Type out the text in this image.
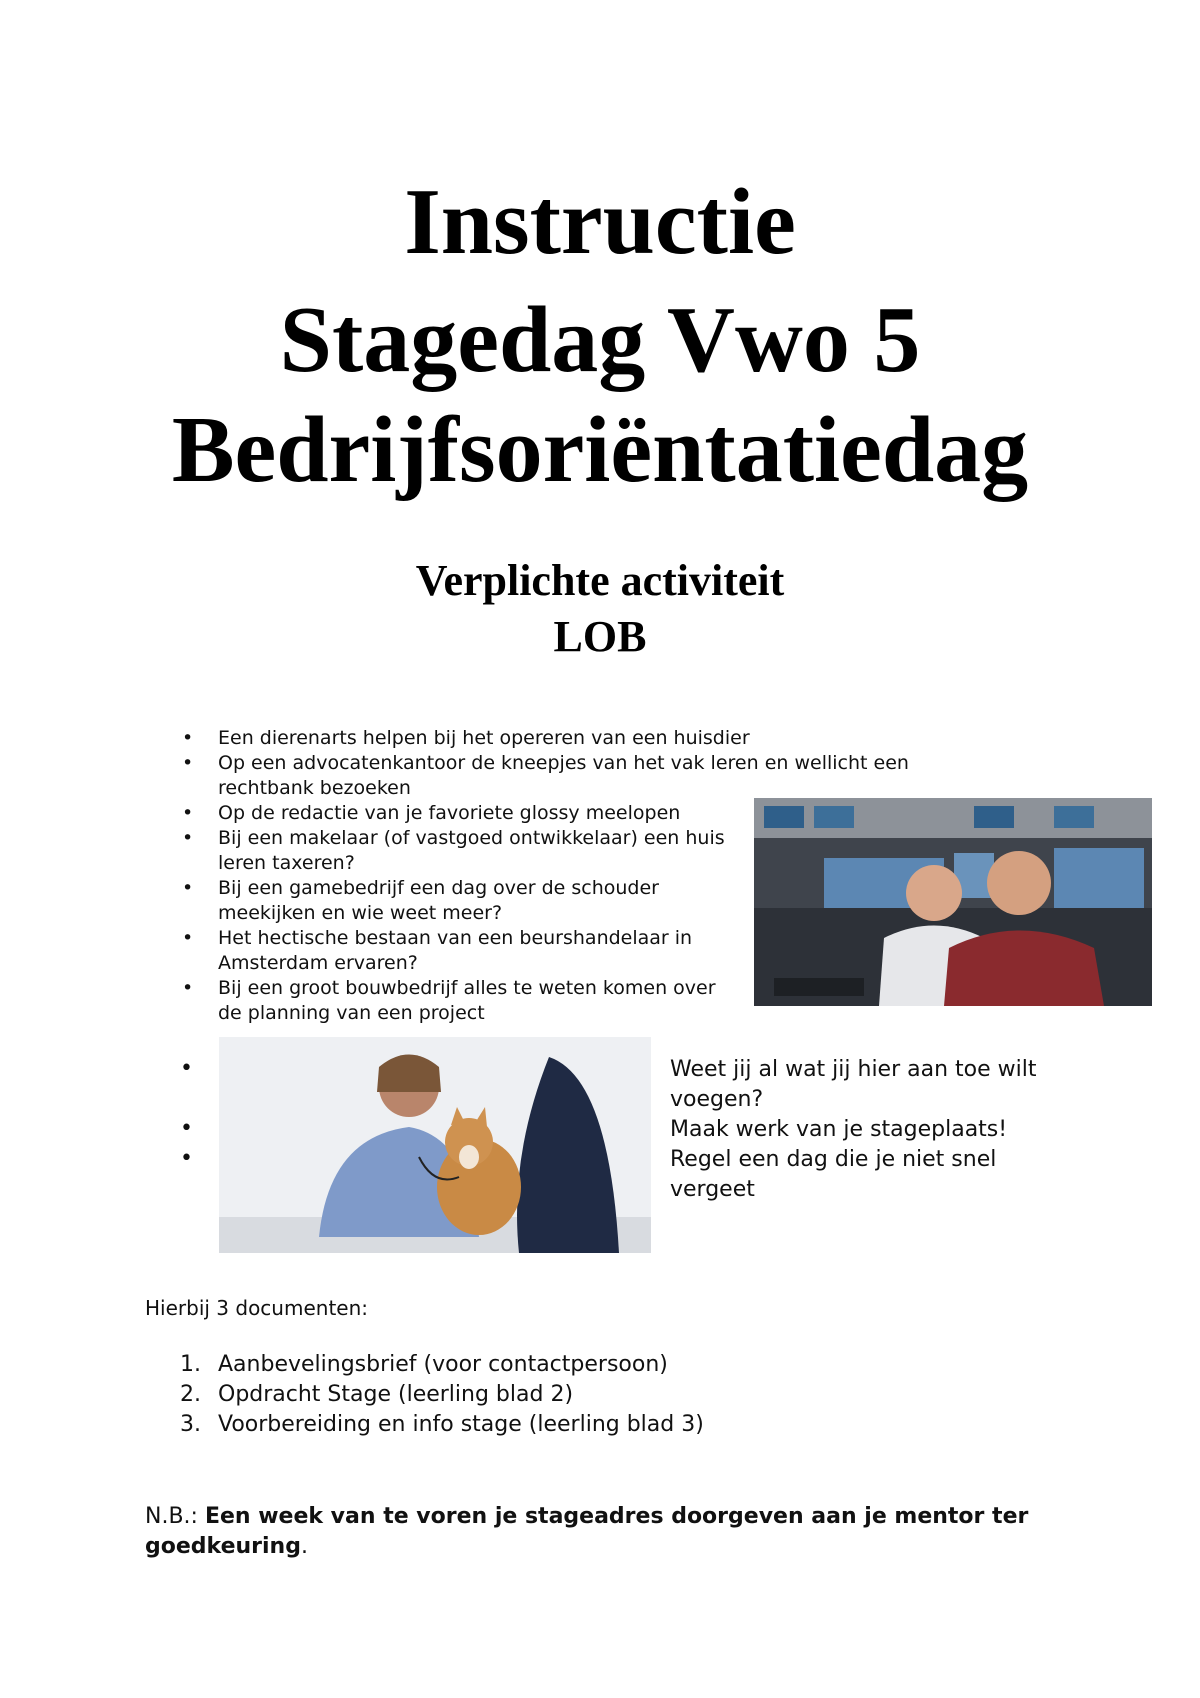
Instructie
Stagedag Vwo 5
Bedrijfsoriëntatiedag
Verplichte activiteit
LOB
• Een dierenarts helpen bij het opereren van een huisdier
• Op een advocatenkantoor de kneepjes van het vak leren en wellicht een rechtbank bezoeken
• Op de redactie van je favoriete glossy meelopen
• Bij een makelaar (of vastgoed ontwikkelaar) een huis leren taxeren?
• Bij een gamebedrijf een dag over de schouder meekijken en wie weet meer?
• Het hectische bestaan van een beurshandelaar in Amsterdam ervaren?
• Bij een groot bouwbedrijf alles te weten komen over de planning van een project
•
•
•

Weet jij al wat jij hier aan toe wilt voegen?

Maak werk van je stageplaats!

Regel een dag die je niet snel vergeet

Hierbij 3 documenten:

1. Aanbevelingsbrief (voor contactpersoon)
2. Opdracht Stage (leerling blad 2)
3. Voorbereiding en info stage (leerling blad 3)

N.B.: Een week van te voren je stageadres doorgeven aan je mentor ter goedkeuring.
